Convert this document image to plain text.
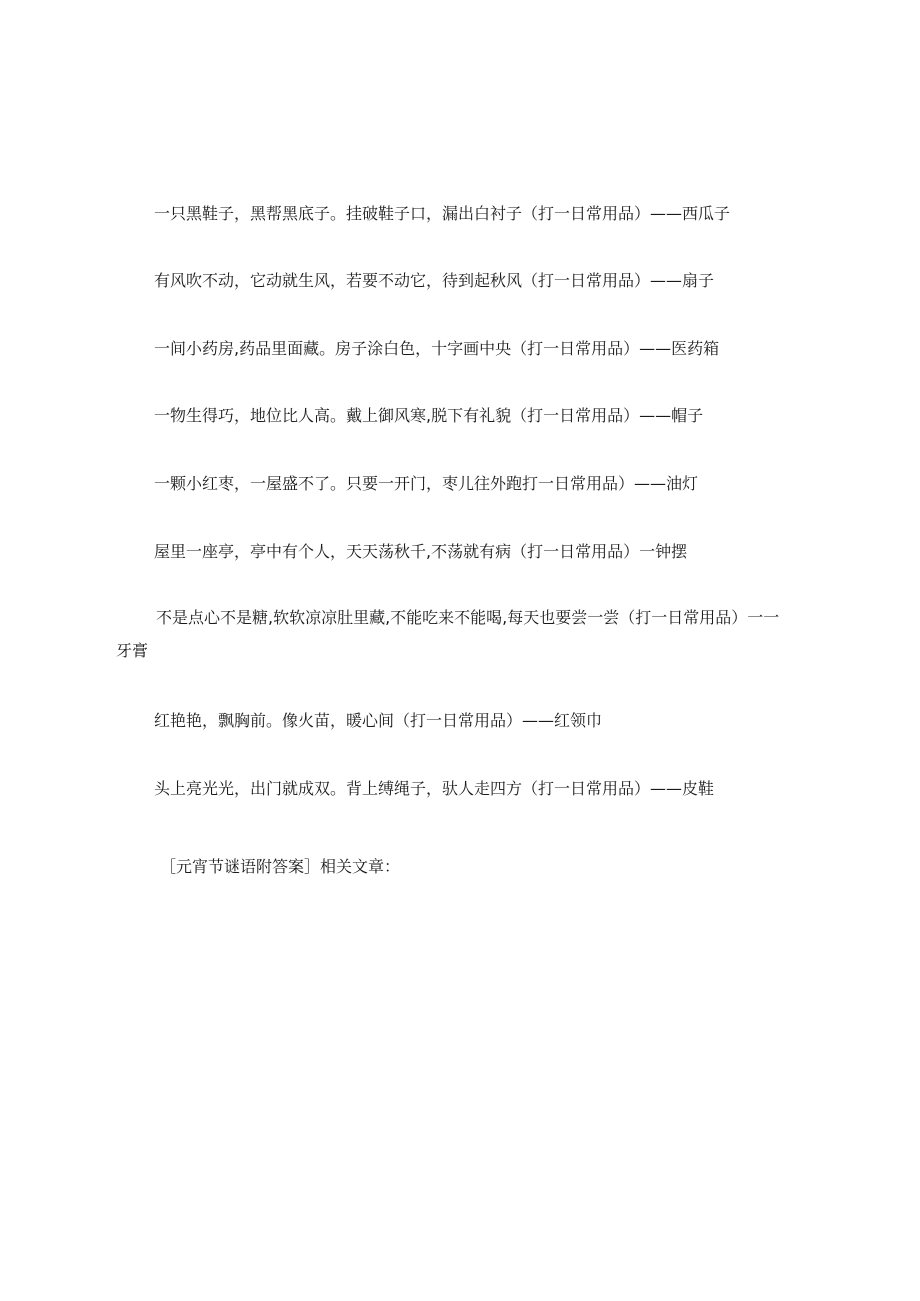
一只黑鞋子，黑帮黑底子。挂破鞋子口，漏出白衬子（打一日常用品）——西瓜子

有风吹不动，它动就生风，若要不动它，待到起秋风（打一日常用品）——扇子

一间小药房,药品里面藏。房子涂白色，十字画中央（打一日常用品）——医药箱

一物生得巧，地位比人高。戴上御风寒,脱下有礼貌（打一日常用品）——帽子

一颗小红枣，一屋盛不了。只要一开门，枣儿往外跑打一日常用品）——油灯

屋里一座亭，亭中有个人，天天荡秋千,不荡就有病（打一日常用品）一钟摆

不是点心不是糖,软软凉凉肚里藏,不能吃来不能喝,每天也要尝一尝（打一日常用品）一一
牙膏

红艳艳，飘胸前。像火苗，暖心间（打一日常用品）——红领巾

头上亮光光，出门就成双。背上缚绳子，驮人走四方（打一日常用品）——皮鞋

［元宵节谜语附答案］相关文章：
